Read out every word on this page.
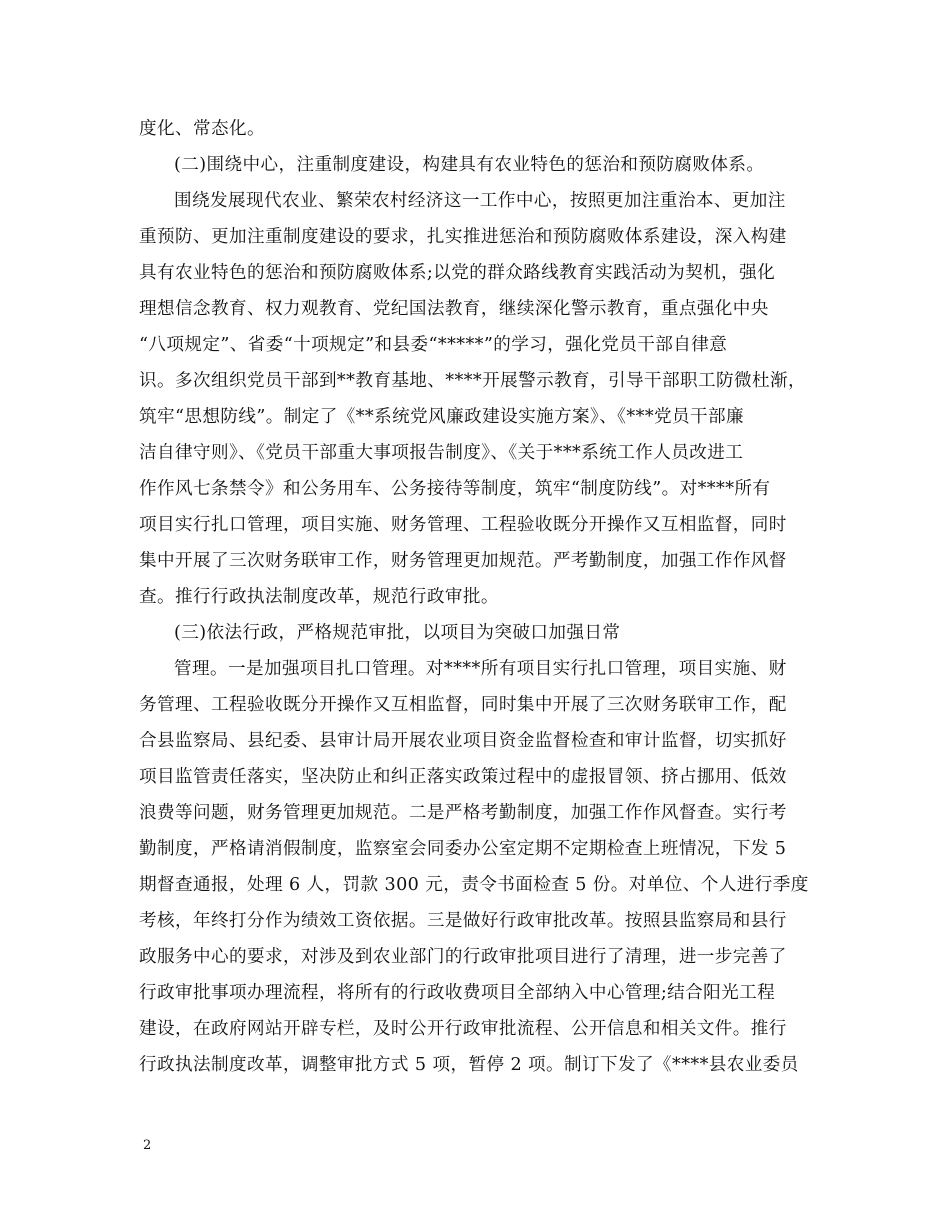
度化、常态化。
(二)围绕中心，注重制度建设，构建具有农业特色的惩治和预防腐败体系。
围绕发展现代农业、繁荣农村经济这一工作中心，按照更加注重治本、更加注
重预防、更加注重制度建设的要求，扎实推进惩治和预防腐败体系建设，深入构建
具有农业特色的惩治和预防腐败体系;以党的群众路线教育实践活动为契机，强化
理想信念教育、权力观教育、党纪国法教育，继续深化警示教育，重点强化中央
“八项规定”、省委“十项规定”和县委“*****”的学习，强化党员干部自律意
识。多次组织党员干部到**教育基地、****开展警示教育，引导干部职工防微杜渐，
筑牢“思想防线”。制定了《**系统党风廉政建设实施方案》、《***党员干部廉
洁自律守则》、《党员干部重大事项报告制度》、《关于***系统工作人员改进工
作作风七条禁令》和公务用车、公务接待等制度，筑牢“制度防线”。对****所有
项目实行扎口管理，项目实施、财务管理、工程验收既分开操作又互相监督，同时
集中开展了三次财务联审工作，财务管理更加规范。严考勤制度，加强工作作风督
查。推行行政执法制度改革，规范行政审批。
(三)依法行政，严格规范审批，以项目为突破口加强日常
管理。一是加强项目扎口管理。对****所有项目实行扎口管理，项目实施、财
务管理、工程验收既分开操作又互相监督，同时集中开展了三次财务联审工作，配
合县监察局、县纪委、县审计局开展农业项目资金监督检查和审计监督，切实抓好
项目监管责任落实，坚决防止和纠正落实政策过程中的虚报冒领、挤占挪用、低效
浪费等问题，财务管理更加规范。二是严格考勤制度，加强工作作风督查。实行考
勤制度，严格请消假制度，监察室会同委办公室定期不定期检查上班情况，下发 5
期督查通报，处理 6 人，罚款 300 元，责令书面检查 5 份。对单位、个人进行季度
考核，年终打分作为绩效工资依据。三是做好行政审批改革。按照县监察局和县行
政服务中心的要求，对涉及到农业部门的行政审批项目进行了清理，进一步完善了
行政审批事项办理流程，将所有的行政收费项目全部纳入中心管理;结合阳光工程
建设，在政府网站开辟专栏，及时公开行政审批流程、公开信息和相关文件。推行
行政执法制度改革，调整审批方式 5 项，暂停 2 项。制订下发了《****县农业委员
2
